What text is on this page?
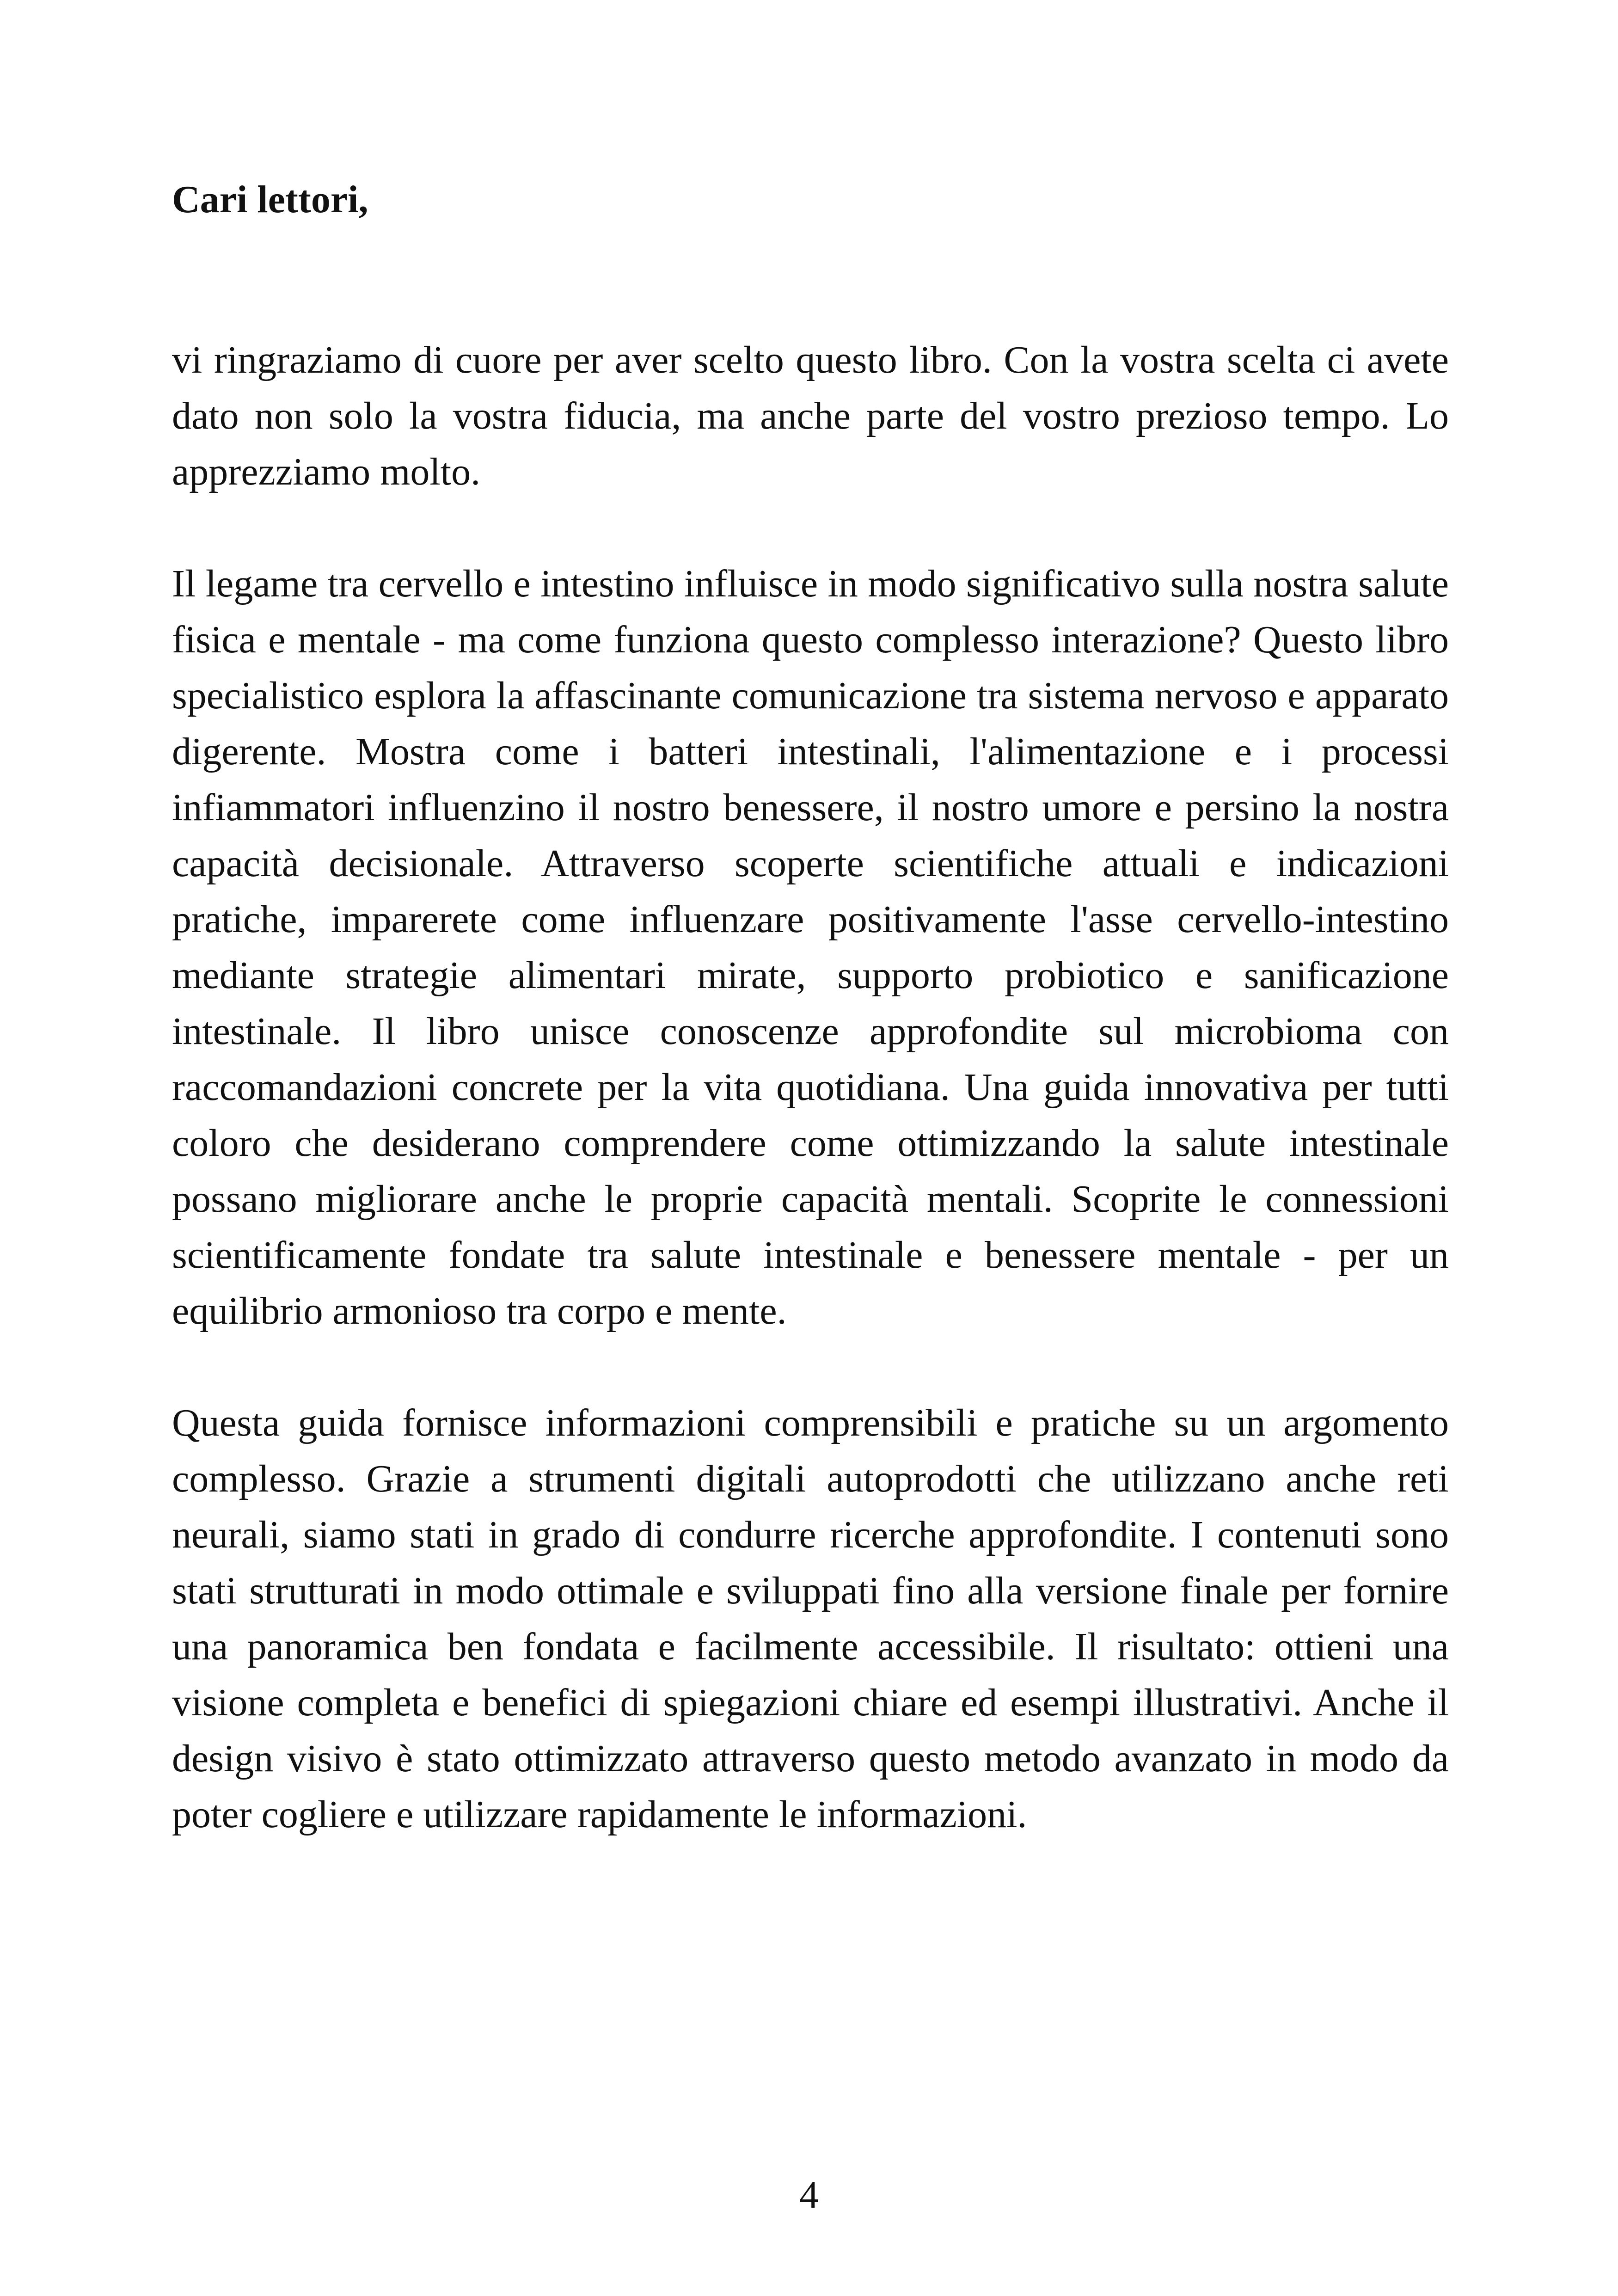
Cari lettori,

vi ringraziamo di cuore per aver scelto questo libro. Con la vostra scelta ci avete dato non solo la vostra fiducia, ma anche parte del vostro prezioso tempo. Lo apprezziamo molto.

Il legame tra cervello e intestino influisce in modo significativo sulla nostra salute fisica e mentale - ma come funziona questo complesso interazione? Questo libro specialistico esplora la affascinante comunicazione tra sistema nervoso e apparato digerente. Mostra come i batteri intestinali, l'alimentazione e i processi infiammatori influenzino il nostro benessere, il nostro umore e persino la nostra capacità decisionale. Attraverso scoperte scientifiche attuali e indicazioni pratiche, imparerete come influenzare positivamente l'asse cervello-intestino mediante strategie alimentari mirate, supporto probiotico e sanificazione intestinale. Il libro unisce conoscenze approfondite sul microbioma con raccomandazioni concrete per la vita quotidiana. Una guida innovativa per tutti coloro che desiderano comprendere come ottimizzando la salute intestinale possano migliorare anche le proprie capacità mentali. Scoprite le connessioni scientificamente fondate tra salute intestinale e benessere mentale - per un equilibrio armonioso tra corpo e mente.

Questa guida fornisce informazioni comprensibili e pratiche su un argomento complesso. Grazie a strumenti digitali autoprodotti che utilizzano anche reti neurali, siamo stati in grado di condurre ricerche approfondite. I contenuti sono stati strutturati in modo ottimale e sviluppati fino alla versione finale per fornire una panoramica ben fondata e facilmente accessibile. Il risultato: ottieni una visione completa e benefici di spiegazioni chiare ed esempi illustrativi. Anche il design visivo è stato ottimizzato attraverso questo metodo avanzato in modo da poter cogliere e utilizzare rapidamente le informazioni.

4
